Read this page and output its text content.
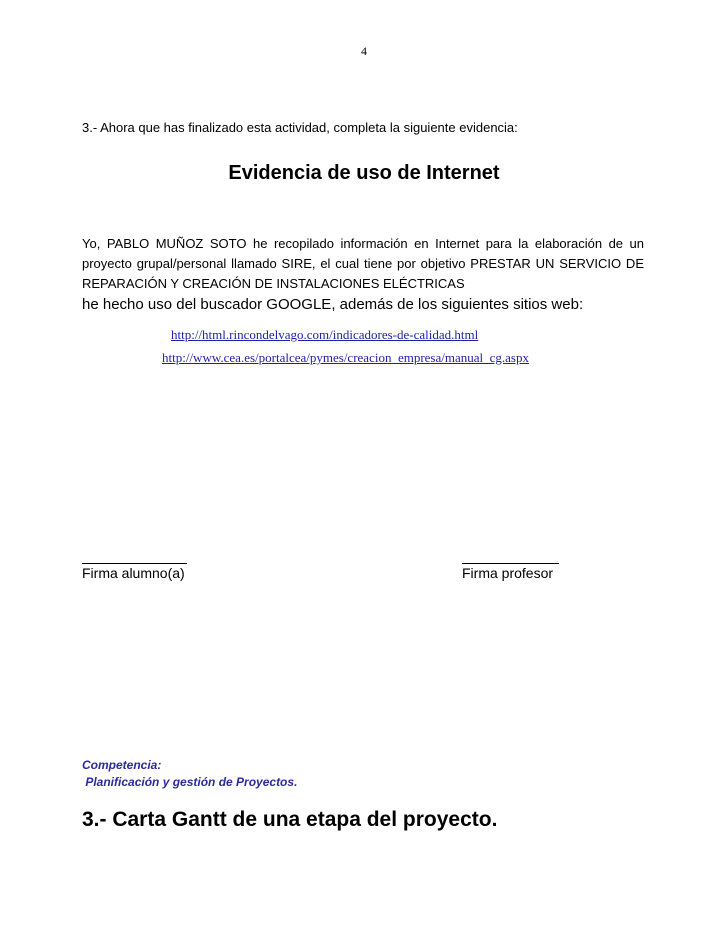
4
3.- Ahora que has finalizado esta actividad, completa la siguiente evidencia:
Evidencia de uso de Internet
Yo, PABLO MUÑOZ SOTO he recopilado información en Internet para la elaboración de un
proyecto grupal/personal llamado SIRE, el cual tiene por objetivo PRESTAR UN SERVICIO DE
REPARACIÓN Y CREACIÓN DE INSTALACIONES ELÉCTRICAS
he hecho uso del buscador GOOGLE, además de los siguientes sitios web:
http://html.rincondelvago.com/indicadores-de-calidad.html
http://www.cea.es/portalcea/pymes/creacion_empresa/manual_cg.aspx
Firma alumno(a)	Firma profesor
Competencia:
Planificación y gestión de Proyectos.
3.- Carta Gantt de una etapa del proyecto.
